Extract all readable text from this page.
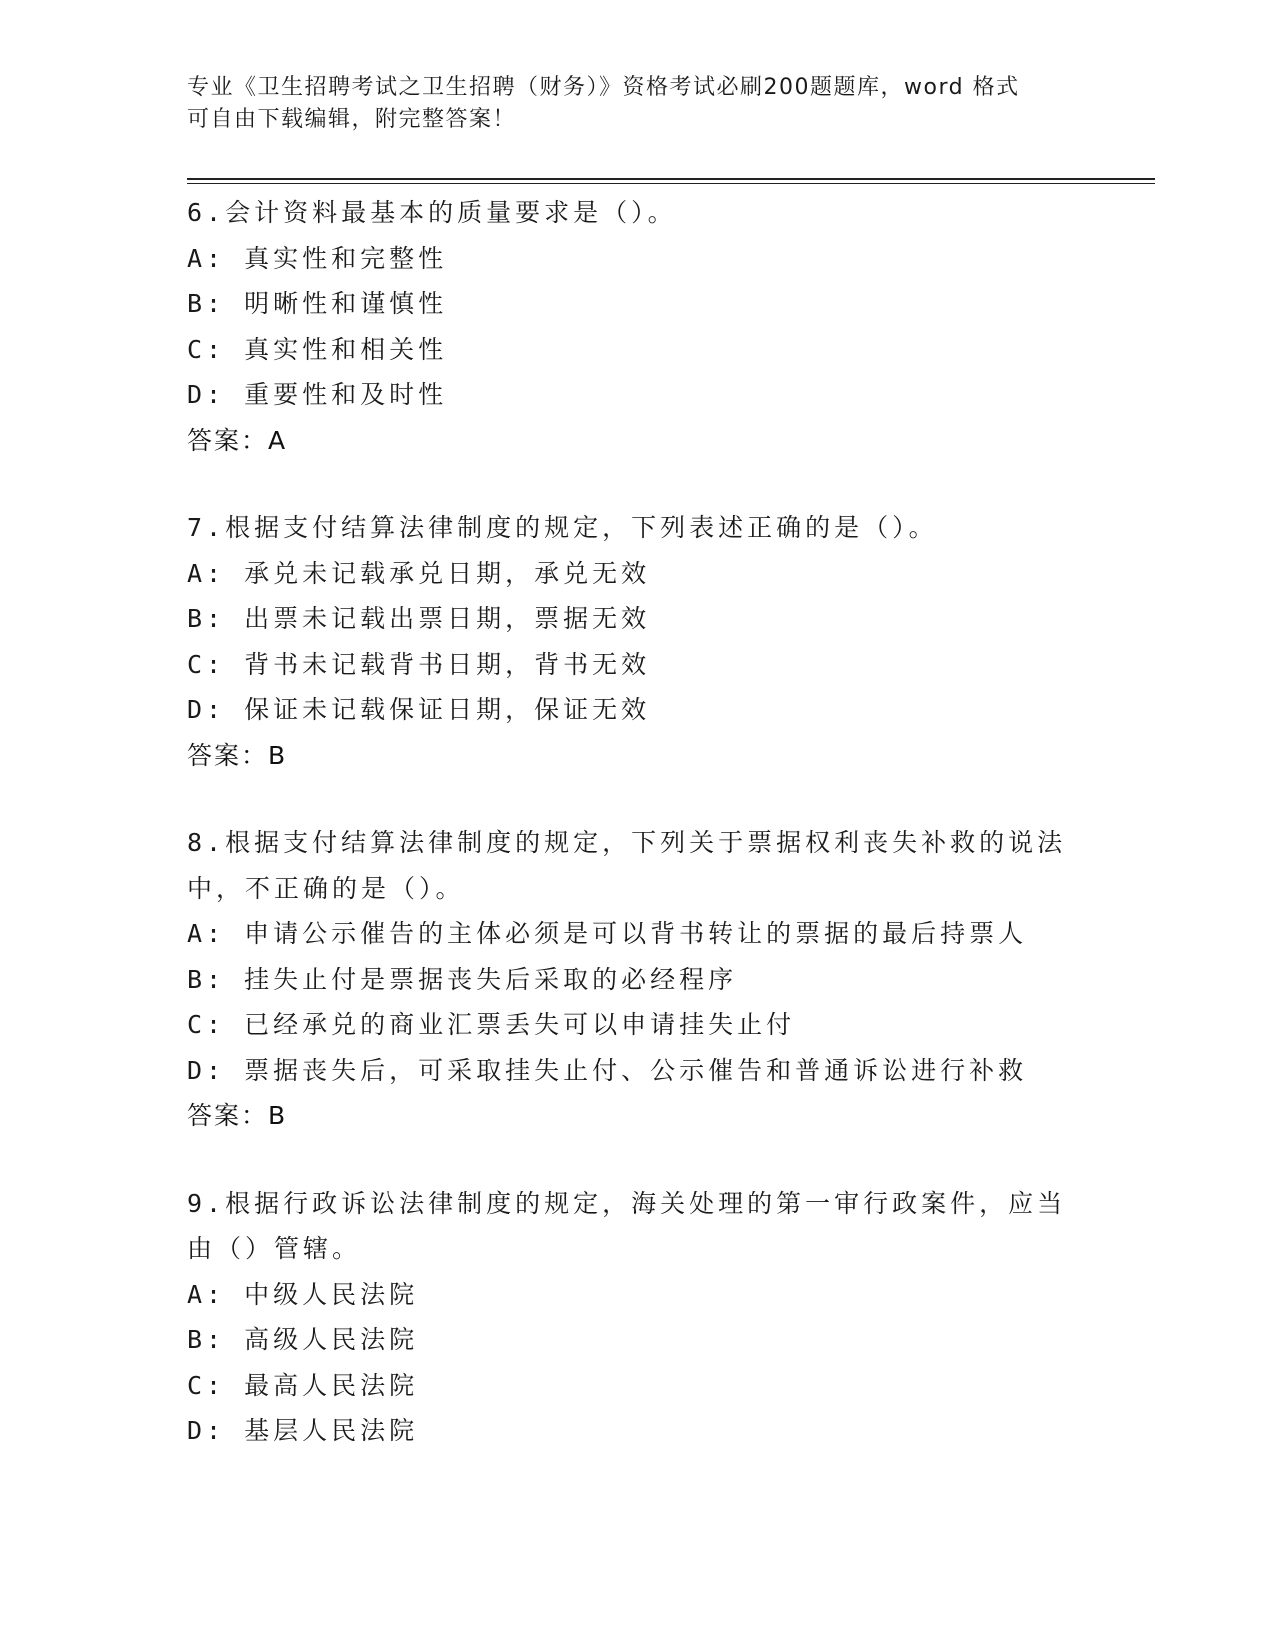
专业《卫生招聘考试之卫生招聘（财务）》资格考试必刷200题题库，word 格式
可自由下载编辑，附完整答案！
6.会计资料最基本的质量要求是（）。
A: 真实性和完整性
B: 明晰性和谨慎性
C: 真实性和相关性
D: 重要性和及时性
答案：A
7.根据支付结算法律制度的规定，下列表述正确的是（）。
A: 承兑未记载承兑日期，承兑无效
B: 出票未记载出票日期，票据无效
C: 背书未记载背书日期，背书无效
D: 保证未记载保证日期，保证无效
答案：B
8.根据支付结算法律制度的规定，下列关于票据权利丧失补救的说法
中，不正确的是（）。
A: 申请公示催告的主体必须是可以背书转让的票据的最后持票人
B: 挂失止付是票据丧失后采取的必经程序
C: 已经承兑的商业汇票丢失可以申请挂失止付
D: 票据丧失后，可采取挂失止付、公示催告和普通诉讼进行补救
答案：B
9.根据行政诉讼法律制度的规定，海关处理的第一审行政案件，应当
由（）管辖。
A: 中级人民法院
B: 高级人民法院
C: 最高人民法院
D: 基层人民法院
